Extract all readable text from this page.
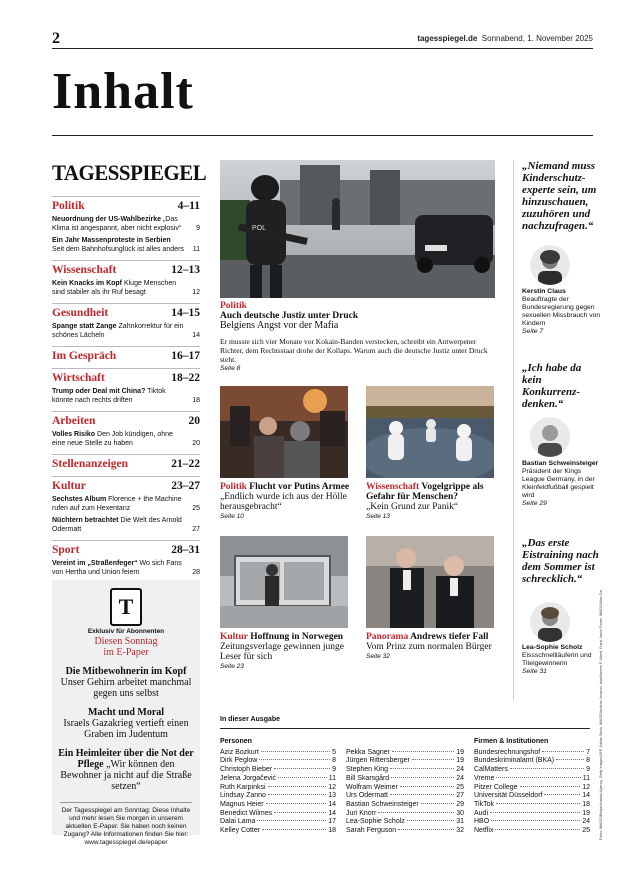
2	tagesspiegel.de Sonnabend, 1. November 2025
Inhalt
TAGESSPIEGEL
Politik	4–11
Neuordnung der US-Wahlbezirke „Das Klima ist angespannt, aber nicht explosiv“	9
Ein Jahr Massenproteste in Serbien Seit dem Bahnhofsunglück ist alles anders 11
Wissenschaft	12–13
Kein Knacks im Kopf Kluge Menschen sind stabiler als ihr Ruf besagt	12
Gesundheit	14–15
Spange statt Zange Zahnkorrektur für ein schönes Lächeln	14
Im Gespräch	16–17
Wirtschaft	18–22
Trump oder Deal mit China? Tiktok könnte nach rechts driften	18
Arbeiten	20
Volles Risiko Den Job kündigen, ohne eine neue Stelle zu haben	20
Stellenanzeigen	21–22
Kultur	23–27
Sechstes Album Florence + the Machine rufen auf zum Hexentanz	25
Nüchtern betrachtet Die Welt des Arnold Odermatt	27
Sport	28–31
Vereint im „Straßenfeger“ Wo sich Fans von Hertha und Union feiern	28
T
Exklusiv für Abonnenten
Diesen Sonntag
im E-Paper
Die Mitbewohnerin im Kopf
Unser Gehirn arbeitet manchmal gegen uns selbst
Macht und Moral
Israels Gazakrieg vertieft einen Graben im Judentum
Ein Heimleiter über die Not der Pflege „Wir können den Bewohner ja nicht auf die Straße setzen“
Der Tagesspiegel am Sonntag: Diese Inhalte und mehr lesen Sie morgen in unserem aktuellen E-Paper. Sie haben noch keinen Zugang? Alle Informationen finden Sie hier: www.tagesspiegel.de/epaper
POL
Politik
Auch deutsche Justiz unter Druck
Belgiens Angst vor der Mafia
Er musste sich vier Monate vor Kokain-Banden verstecken, schreibt ein Antwerpener Richter, dem Rechtsstaat drohe der Kollaps. Warum auch die deutsche Justiz unter Druck steht.
Seite 8
Politik Flucht vor Putins Armee
„Endlich wurde ich aus der Hölle herausgebracht“
Seite 10
Wissenschaft Vogelgrippe als Gefahr für Menschen?
„Kein Grund zur Panik“
Seite 13
Kultur Hoffnung in Norwegen
Zeitungsverlage gewinnen junge Leser für sich
Seite 23
Panorama Andrews tiefer Fall
Vom Prinz zum normalen Bürger
Seite 32
„Niemand muss Kinderschutz-experte sein, um hinzuschauen, zuzuhören und nachzufragen.“
Kerstin Claus
Beauftragte der Bundesregierung gegen sexuellen Missbrauch von Kindern
Seite 7
„Ich habe da kein Konkurrenz-denken.“
Bastian Schweinsteiger
Präsident der Kings League Germany, in der Kleinfeldfußball gespielt wird
Seite 29
„Das erste Eistraining nach dem Sommer ist schrecklich.“
Lea-Sophie Scholz
Eissschnellläuferin und Titelgewinnerin
Seite 31	Fotos: IMAGO/Belga/Anadolu Agency, Getty Images/AFP, Adobe Stock, IMAGO/Andrea Jovanov, dpa/Hannes P. Albert, Frank Jason Foster, IMAGO/Alan Dawson Crawford, dpa/Chris Jackson/EPA, dpa/Niels Bech Nielsen, dpa/Friso Gentsch
In dieser Ausgabe
Personen
Aziz Bozkurt	5
Dirk Peglow	8
Christoph Bieber	9
Jelena Jorgačević	11
Ruth Karpinksi	12
Lindsay Zanno	13
Magnus Heier	14
Benedict Wilmes	14
Dalai Lama	17
Kelley Cotter	18

Pekka Sagner	19
Jürgen Rittersberger	19
Stephen King	24
Bill Skarsgård	24
Wolfram Weimer	25
Urs Odermatt	27
Bastian Schweinsteiger	29
Juri Knorr	30
Lea-Sophie Scholz	31
Sarah Ferguson	32
Firmen & Institutionen
Bundesrechnungshof	7
Bundeskriminalamt (BKA)	8
CalMatters	9
Vreme	11
Pitzer College	12
Universität Düsseldorf	14
TikTok	18
Audi	19
HBO	24
Netflix	25
